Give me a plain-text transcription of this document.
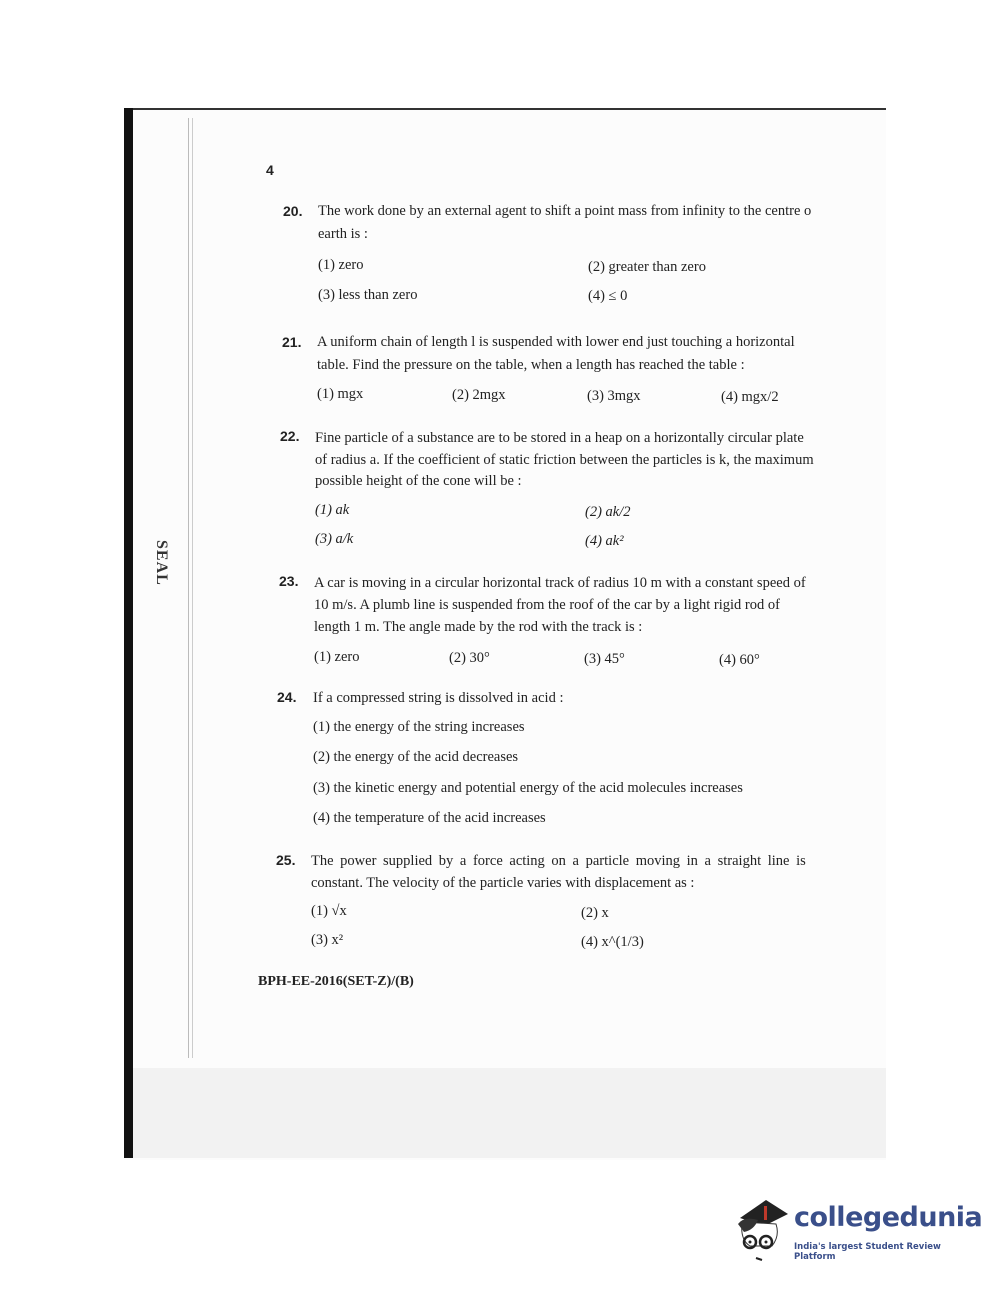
SEAL
4
20. The work done by an external agent to shift a point mass from infinity to the centre o
earth is :
(1) zero	(2) greater than zero
(3) less than zero	(4) ≤ 0
21. A uniform chain of length l is suspended with lower end just touching a horizontal
table. Find the pressure on the table, when a length has reached the table :
(1) mgx	(2) 2mgx	(3) 3mgx	(4) mgx/2
22. Fine particle of a substance are to be stored in a heap on a horizontally circular plate
of radius a. If the coefficient of static friction between the particles is k, the maximum
possible height of the cone will be :
(1) ak	(2) ak/2
(3) a/k	(4) ak²
23. A car is moving in a circular horizontal track of radius 10 m with a constant speed of
10 m/s. A plumb line is suspended from the roof of the car by a light rigid rod of
length 1 m. The angle made by the rod with the track is :
(1) zero	(2) 30°	(3) 45°	(4) 60°
24. If a compressed string is dissolved in acid :
(1) the energy of the string increases
(2) the energy of the acid decreases
(3) the kinetic energy and potential energy of the acid molecules increases
(4) the temperature of the acid increases
25. The power supplied by a force acting on a particle moving in a straight line is
constant. The velocity of the particle varies with displacement as :
(1) √x	(2) x
(3) x²	(4) x^(1/3)
BPH-EE-2016(SET-Z)/(B)
collegedunia
India's largest Student Review Platform
